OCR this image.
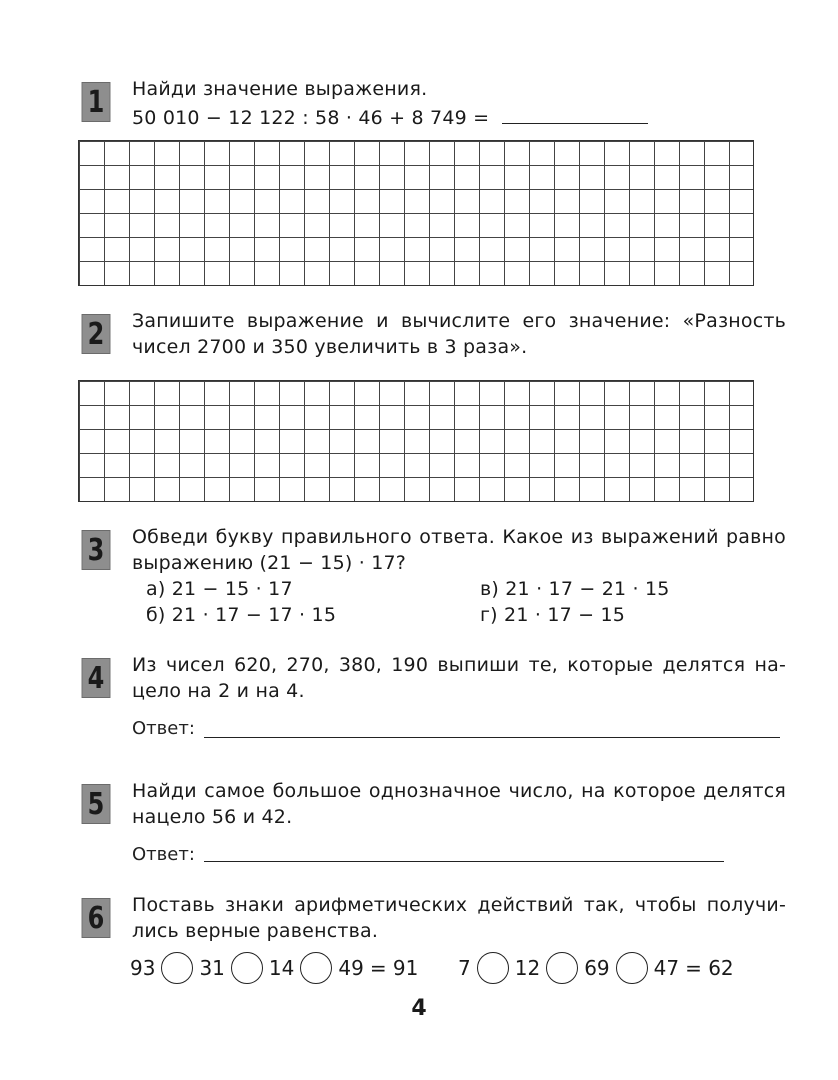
1	Найди значение выражения.
50 010 − 12 122 : 58 · 46 + 8 749 =
2	Запишите выражение и вычислите его значение: «Разность
чисел 2700 и 350 увеличить в 3 раза».
3	Обведи букву правильного ответа. Какое из выражений равно
выражению (21 − 15) · 17?
а) 21 − 15 · 17	в) 21 · 17 − 21 · 15
б) 21 · 17 − 17 · 15	г) 21 · 17 − 15
4	Из чисел 620, 270, 380, 190 выпиши те, которые делятся на-
цело на 2 и на 4.
Ответ:
5	Найди самое большое однозначное число, на которое делятся
нацело 56 и 42.
Ответ:
6	Поставь знаки арифметических действий так, чтобы получи-
лись верные равенства.
93 31 14 49 = 91 7 12 69 47 = 62
4
